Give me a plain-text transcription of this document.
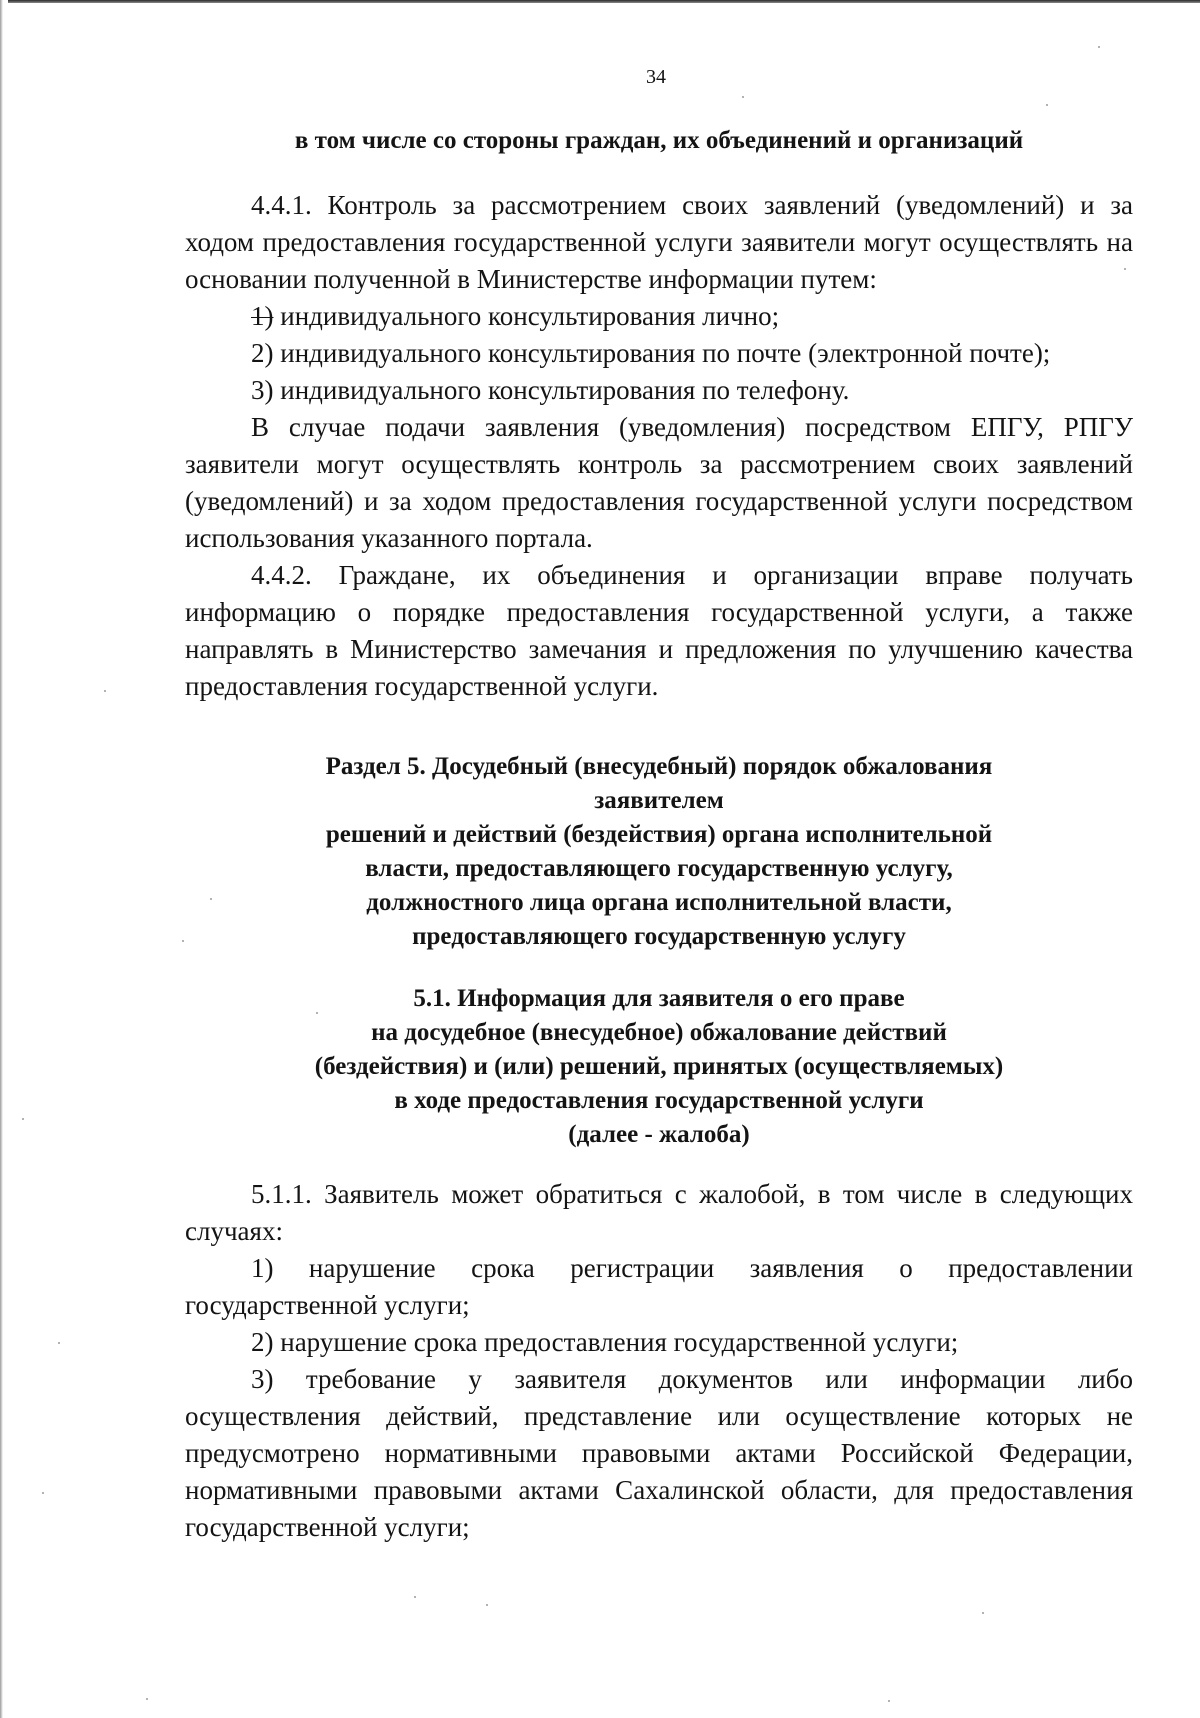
34
в том числе со стороны граждан, их объединений и организаций

4.4.1. Контроль за рассмотрением своих заявлений (уведомлений) и за ходом предоставления государственной услуги заявители могут осуществлять на основании полученной в Министерстве информации путем:

1) индивидуального консультирования лично;

2) индивидуального консультирования по почте (электронной почте);

3) индивидуального консультирования по телефону.

В случае подачи заявления (уведомления) посредством ЕПГУ, РПГУ заявители могут осуществлять контроль за рассмотрением своих заявлений (уведомлений) и за ходом предоставления государственной услуги посредством использования указанного портала.

4.4.2. Граждане, их объединения и организации вправе получать информацию о порядке предоставления государственной услуги, а также направлять в Министерство замечания и предложения по улучшению качества предоставления государственной услуги.

Раздел 5. Досудебный (внесудебный) порядок обжалования
заявителем
решений и действий (бездействия) органа исполнительной
власти, предоставляющего государственную услугу,
должностного лица органа исполнительной власти,
предоставляющего государственную услугу
5.1. Информация для заявителя о его праве
на досудебное (внесудебное) обжалование действий
(бездействия) и (или) решений, принятых (осуществляемых)
в ходе предоставления государственной услуги
(далее - жалоба)

5.1.1. Заявитель может обратиться с жалобой, в том числе в следующих случаях:

1) нарушение срока регистрации заявления о предоставлении государственной услуги;

2) нарушение срока предоставления государственной услуги;

3) требование у заявителя документов или информации либо осуществления действий, представление или осуществление которых не предусмотрено нормативными правовыми актами Российской Федерации, нормативными правовыми актами Сахалинской области, для предоставления государственной услуги;
